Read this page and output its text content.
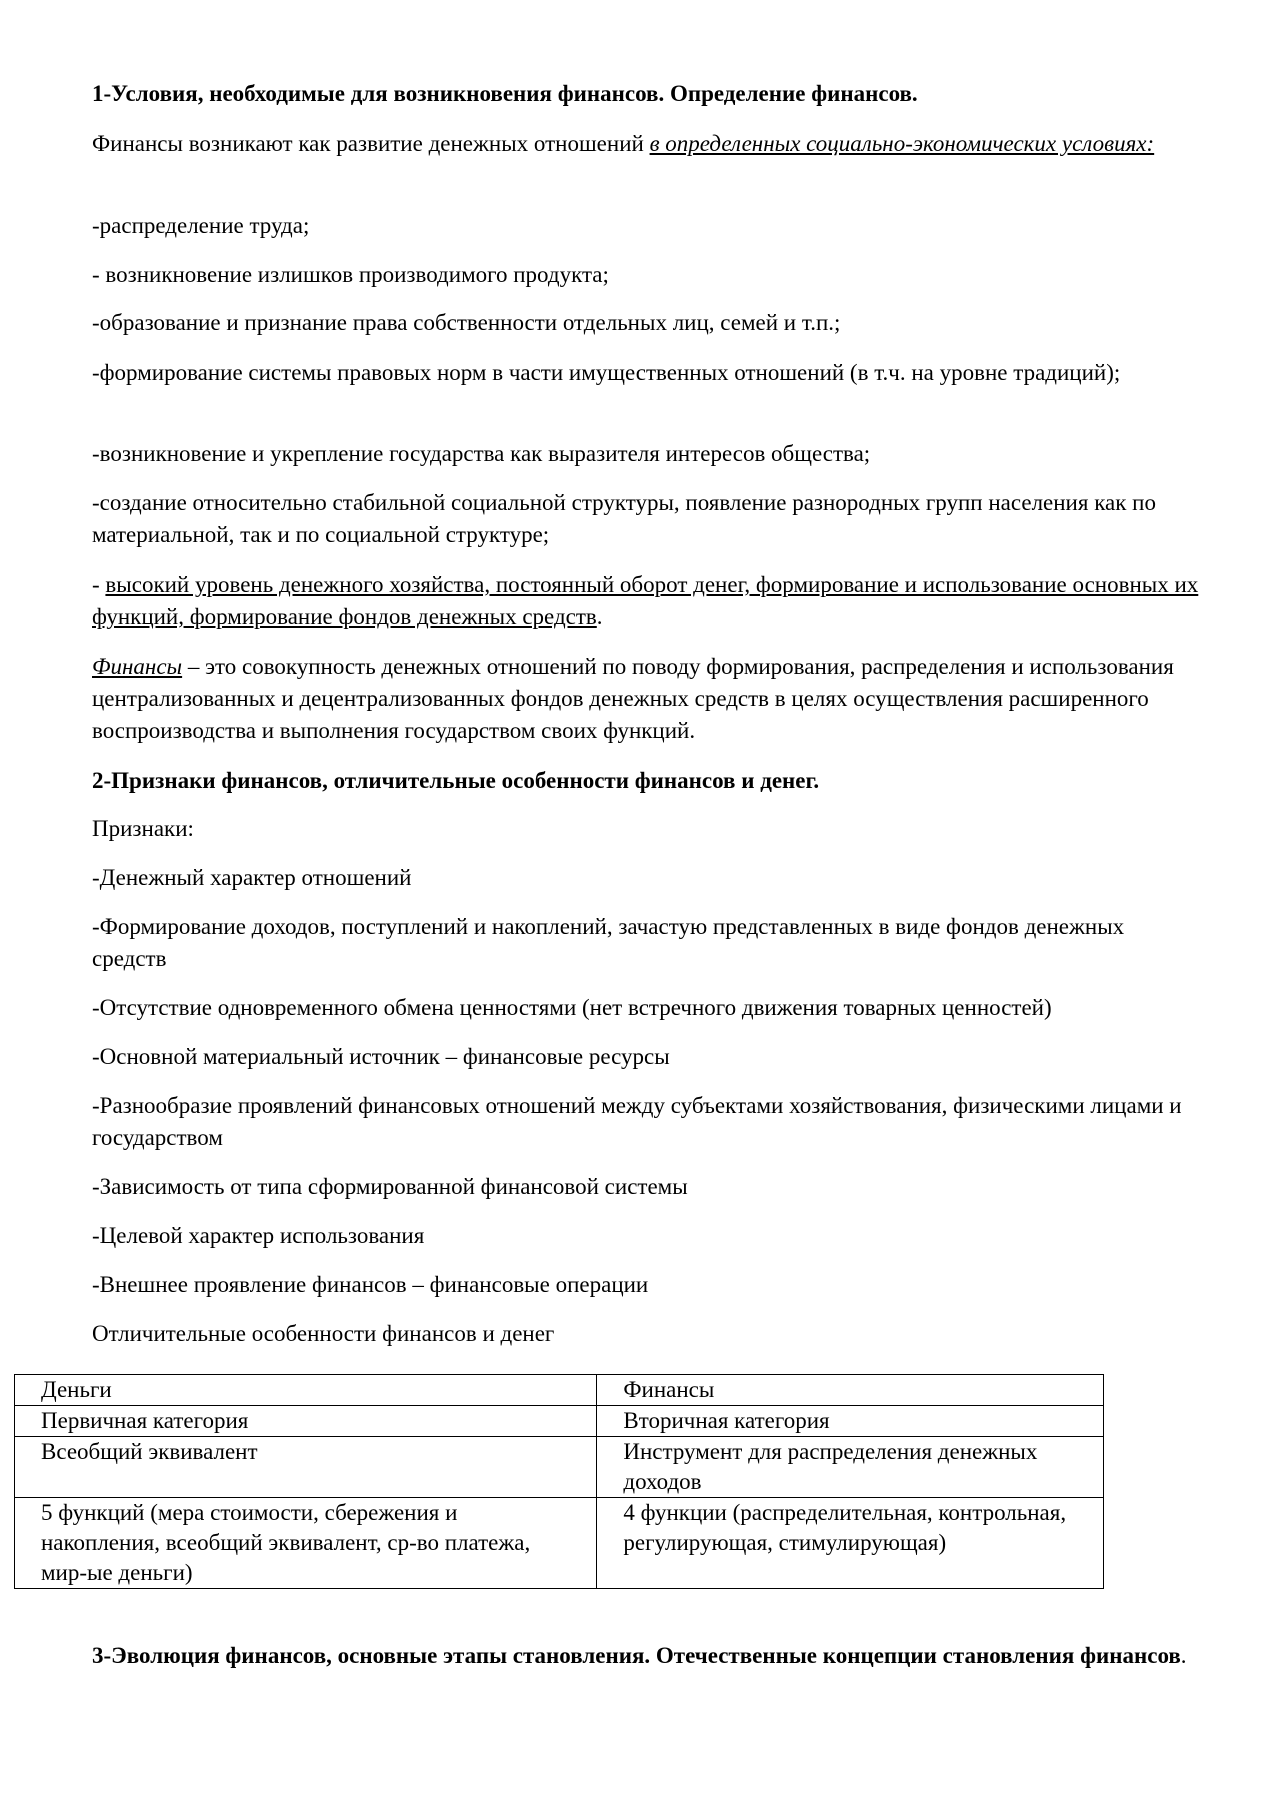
1-Условия, необходимые для возникновения финансов. Определение финансов.

Финансы возникают как развитие денежных отношений в определенных социально-экономических условиях:

-распределение труда;

- возникновение излишков производимого продукта;

-образование и признание права собственности отдельных лиц, семей и т.п.;

-формирование системы правовых норм в части имущественных отношений (в т.ч. на уровне традиций);

-возникновение и укрепление государства как выразителя интересов общества;

-создание относительно стабильной социальной структуры, появление разнородных групп населения как по материальной, так и по социальной структуре;

- высокий уровень денежного хозяйства, постоянный оборот денег, формирование и использование основных их функций, формирование фондов денежных средств.

Финансы – это совокупность денежных отношений по поводу формирования, распределения и использования централизованных и децентрализованных фондов денежных средств в целях осуществления расширенного воспроизводства и выполнения государством своих функций.

2-Признаки финансов, отличительные особенности финансов и денег.

Признаки:

-Денежный характер отношений

-Формирование доходов, поступлений и накоплений, зачастую представленных в виде фондов денежных средств

-Отсутствие одновременного обмена ценностями (нет встречного движения товарных ценностей)

-Основной материальный источник – финансовые ресурсы

-Разнообразие проявлений финансовых отношений между субъектами хозяйствования, физическими лицами и государством

-Зависимость от типа сформированной финансовой системы

-Целевой характер использования

-Внешнее проявление финансов – финансовые операции

Отличительные особенности финансов и денег

Деньги	Финансы
Первичная категория	Вторичная категория
Всеобщий эквивалент	Инструмент для распределения денежных доходов
5 функций (мера стоимости, сбережения и накопления, всеобщий эквивалент, ср-во платежа, мир-ые деньги)	4 функции (распределительная, контрольная, регулирующая, стимулирующая)

3-Эволюция финансов, основные этапы становления. Отечественные концепции становления финансов.
